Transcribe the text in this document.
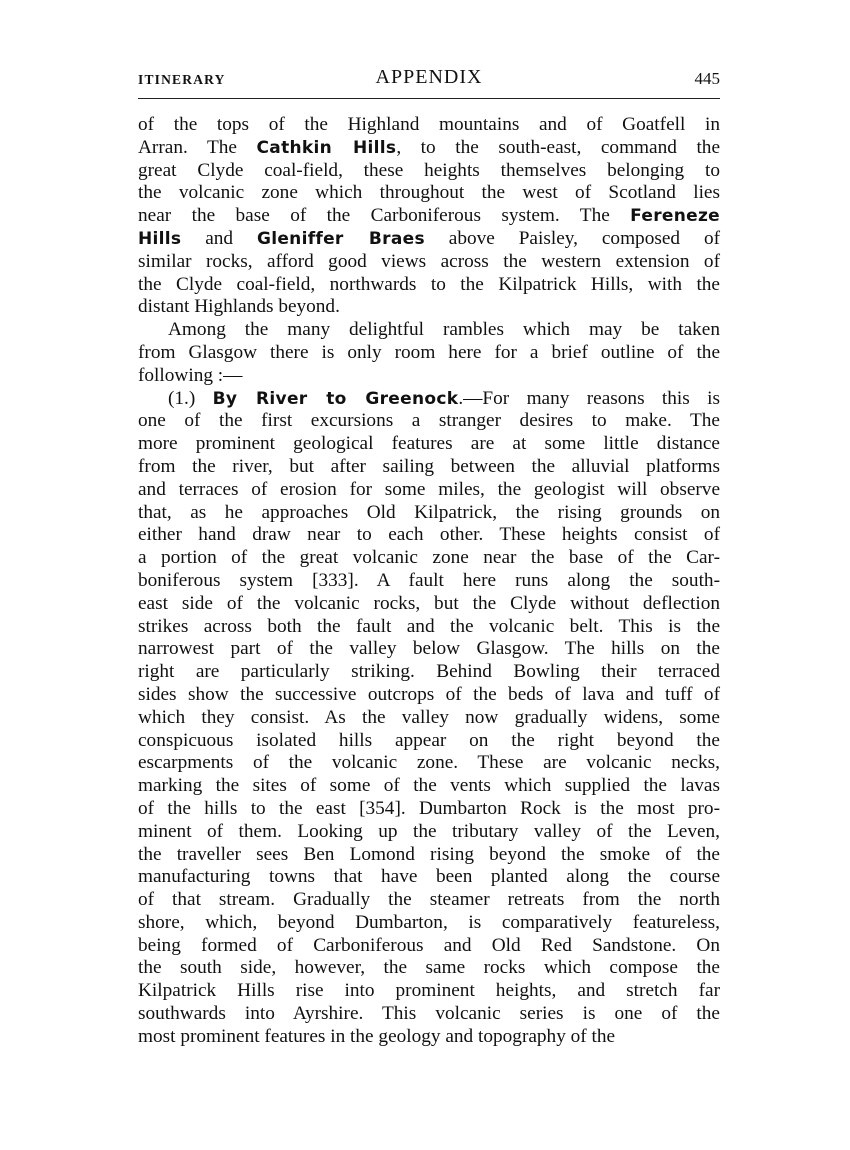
ITINERARY	APPENDIX	445
of the tops of the Highland mountains and of Goatfell in
Arran. The Cathkin Hills, to the south-east, command the
great Clyde coal-field, these heights themselves belonging to
the volcanic zone which throughout the west of Scotland lies
near the base of the Carboniferous system. The Fereneze
Hills and Gleniffer Braes above Paisley, composed of
similar rocks, afford good views across the western extension of
the Clyde coal-field, northwards to the Kilpatrick Hills, with the
distant Highlands beyond.
Among the many delightful rambles which may be taken
from Glasgow there is only room here for a brief outline of the
following :—
(1.) By River to Greenock.—For many reasons this is
one of the first excursions a stranger desires to make. The
more prominent geological features are at some little distance
from the river, but after sailing between the alluvial platforms
and terraces of erosion for some miles, the geologist will observe
that, as he approaches Old Kilpatrick, the rising grounds on
either hand draw near to each other. These heights consist of
a portion of the great volcanic zone near the base of the Car-
boniferous system [333]. A fault here runs along the south-
east side of the volcanic rocks, but the Clyde without deflection
strikes across both the fault and the volcanic belt. This is the
narrowest part of the valley below Glasgow. The hills on the
right are particularly striking. Behind Bowling their terraced
sides show the successive outcrops of the beds of lava and tuff of
which they consist. As the valley now gradually widens, some
conspicuous isolated hills appear on the right beyond the
escarpments of the volcanic zone. These are volcanic necks,
marking the sites of some of the vents which supplied the lavas
of the hills to the east [354]. Dumbarton Rock is the most pro-
minent of them. Looking up the tributary valley of the Leven,
the traveller sees Ben Lomond rising beyond the smoke of the
manufacturing towns that have been planted along the course
of that stream. Gradually the steamer retreats from the north
shore, which, beyond Dumbarton, is comparatively featureless,
being formed of Carboniferous and Old Red Sandstone. On
the south side, however, the same rocks which compose the
Kilpatrick Hills rise into prominent heights, and stretch far
southwards into Ayrshire. This volcanic series is one of the
most prominent features in the geology and topography of the
